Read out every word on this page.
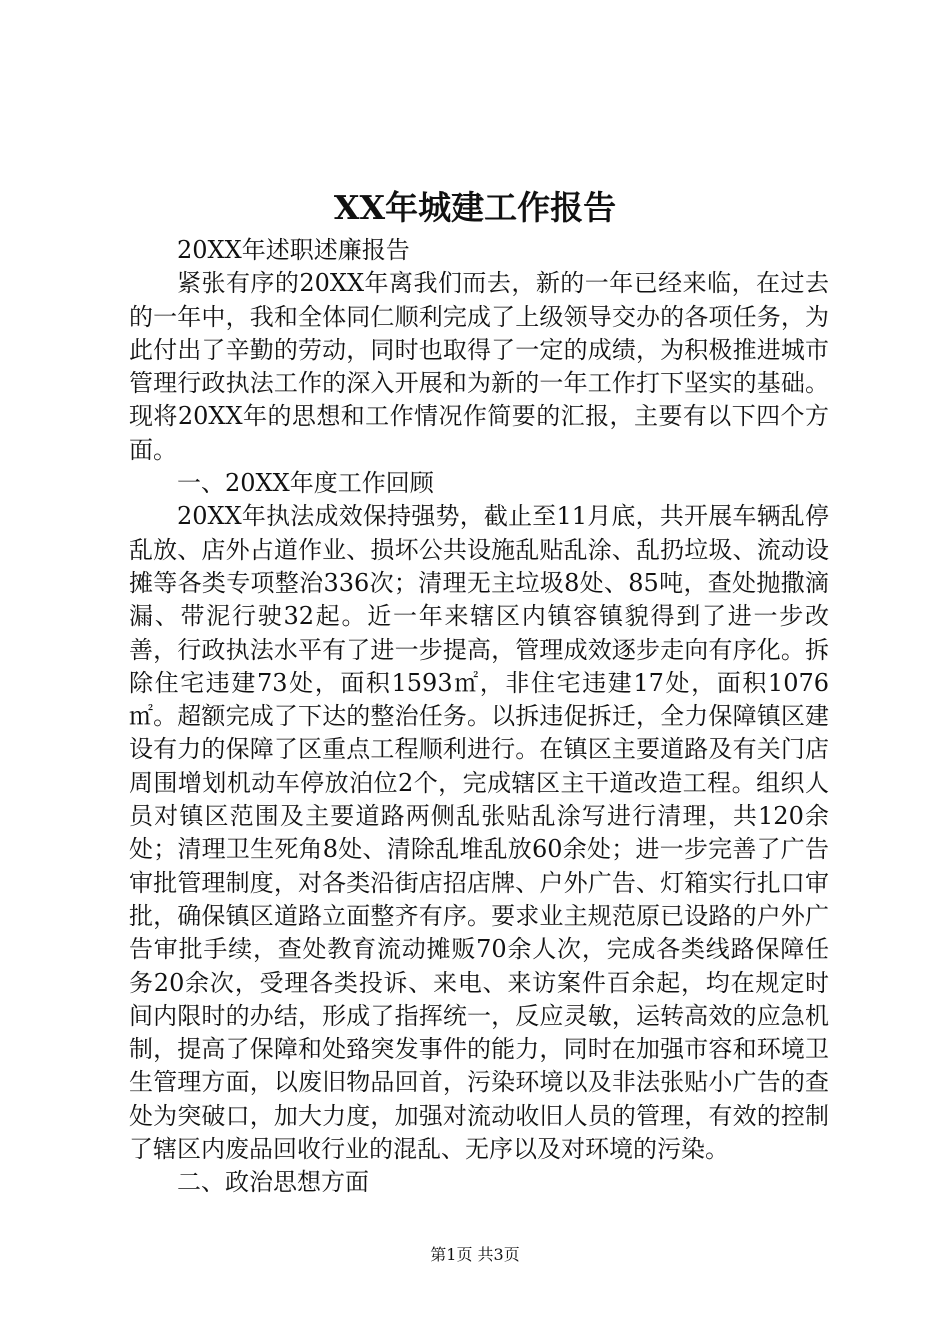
XX年城建工作报告

20XX年述职述廉报告

紧张有序的20XX年离我们而去，新的一年已经来临，在过去的一年中，我和全体同仁顺利完成了上级领导交办的各项任务，为此付出了辛勤的劳动，同时也取得了一定的成绩，为积极推进城市管理行政执法工作的深入开展和为新的一年工作打下坚实的基础。现将20XX年的思想和工作情况作简要的汇报，主要有以下四个方面。

一、20XX年度工作回顾

20XX年执法成效保持强势，截止至11月底，共开展车辆乱停乱放、店外占道作业、损坏公共设施乱贴乱涂、乱扔垃圾、流动设摊等各类专项整治336次；清理无主垃圾8处、85吨，查处抛撒滴漏、带泥行驶32起。近一年来辖区内镇容镇貌得到了进一步改善，行政执法水平有了进一步提高，管理成效逐步走向有序化。拆除住宅违建73处，面积1593㎡，非住宅违建17处，面积1076㎡。超额完成了下达的整治任务。以拆违促拆迁，全力保障镇区建设有力的保障了区重点工程顺利进行。在镇区主要道路及有关门店周围增划机动车停放泊位2个，完成辖区主干道改造工程。组织人员对镇区范围及主要道路两侧乱张贴乱涂写进行清理，共120余处；清理卫生死角8处、清除乱堆乱放60余处；进一步完善了广告审批管理制度，对各类沿街店招店牌、户外广告、灯箱实行扎口审批，确保镇区道路立面整齐有序。要求业主规范原已设路的户外广告审批手续，查处教育流动摊贩70余人次，完成各类线路保障任务20余次，受理各类投诉、来电、来访案件百余起，均在规定时间内限时的办结，形成了指挥统一，反应灵敏，运转高效的应急机制，提高了保障和处臵突发事件的能力，同时在加强市容和环境卫生管理方面，以废旧物品回首，污染环境以及非法张贴小广告的查处为突破口，加大力度，加强对流动收旧人员的管理，有效的控制了辖区内废品回收行业的混乱、无序以及对环境的污染。

二、政治思想方面

第1页 共3页
